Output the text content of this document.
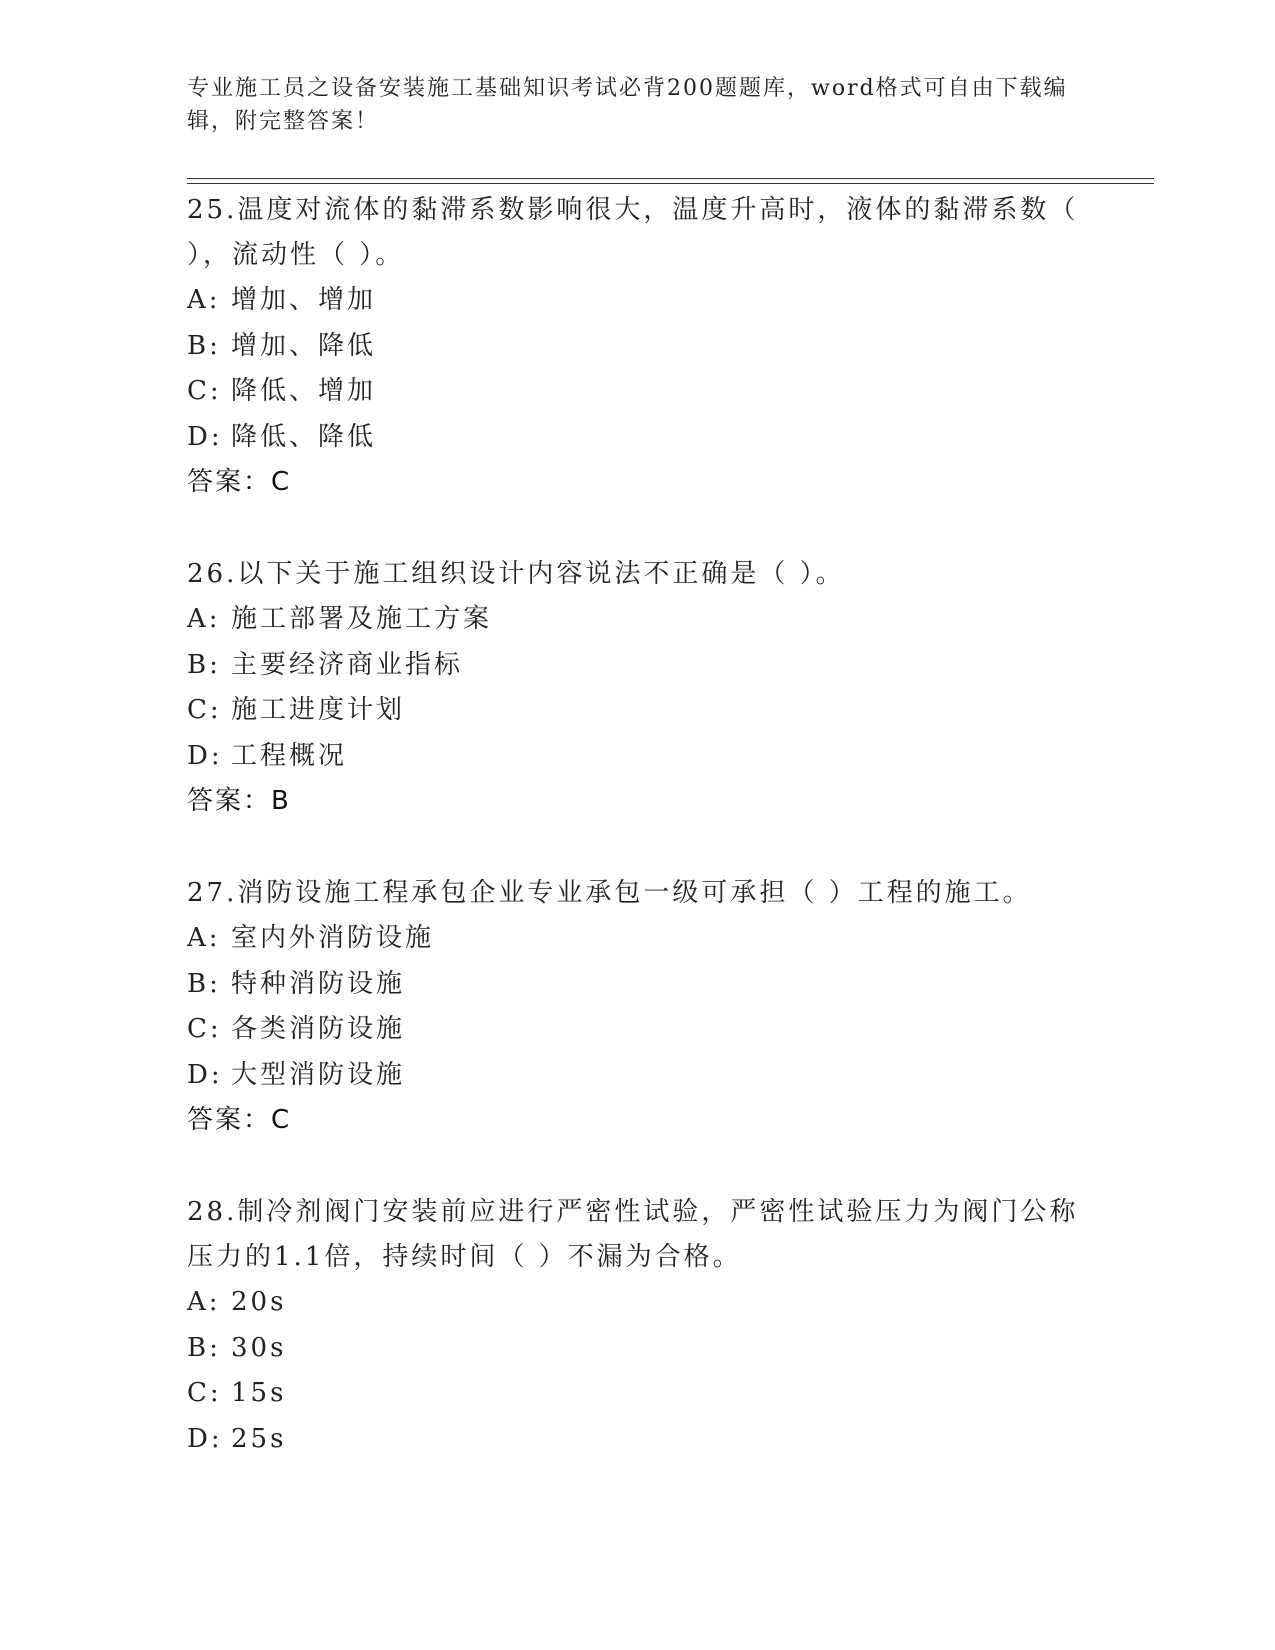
专业施工员之设备安装施工基础知识考试必背200题题库，word格式可自由下载编辑，附完整答案！
25.温度对流体的黏滞系数影响很大，温度升高时，液体的黏滞系数（ ），流动性（ ）。
A: 增加、增加
B: 增加、降低
C: 降低、增加
D: 降低、降低
答案：C
26.以下关于施工组织设计内容说法不正确是（ ）。
A: 施工部署及施工方案
B: 主要经济商业指标
C: 施工进度计划
D: 工程概况
答案：B
27.消防设施工程承包企业专业承包一级可承担（ ）工程的施工。
A: 室内外消防设施
B: 特种消防设施
C: 各类消防设施
D: 大型消防设施
答案：C
28.制冷剂阀门安装前应进行严密性试验，严密性试验压力为阀门公称压力的1.1倍，持续时间（ ）不漏为合格。
A: 20s
B: 30s
C: 15s
D: 25s
